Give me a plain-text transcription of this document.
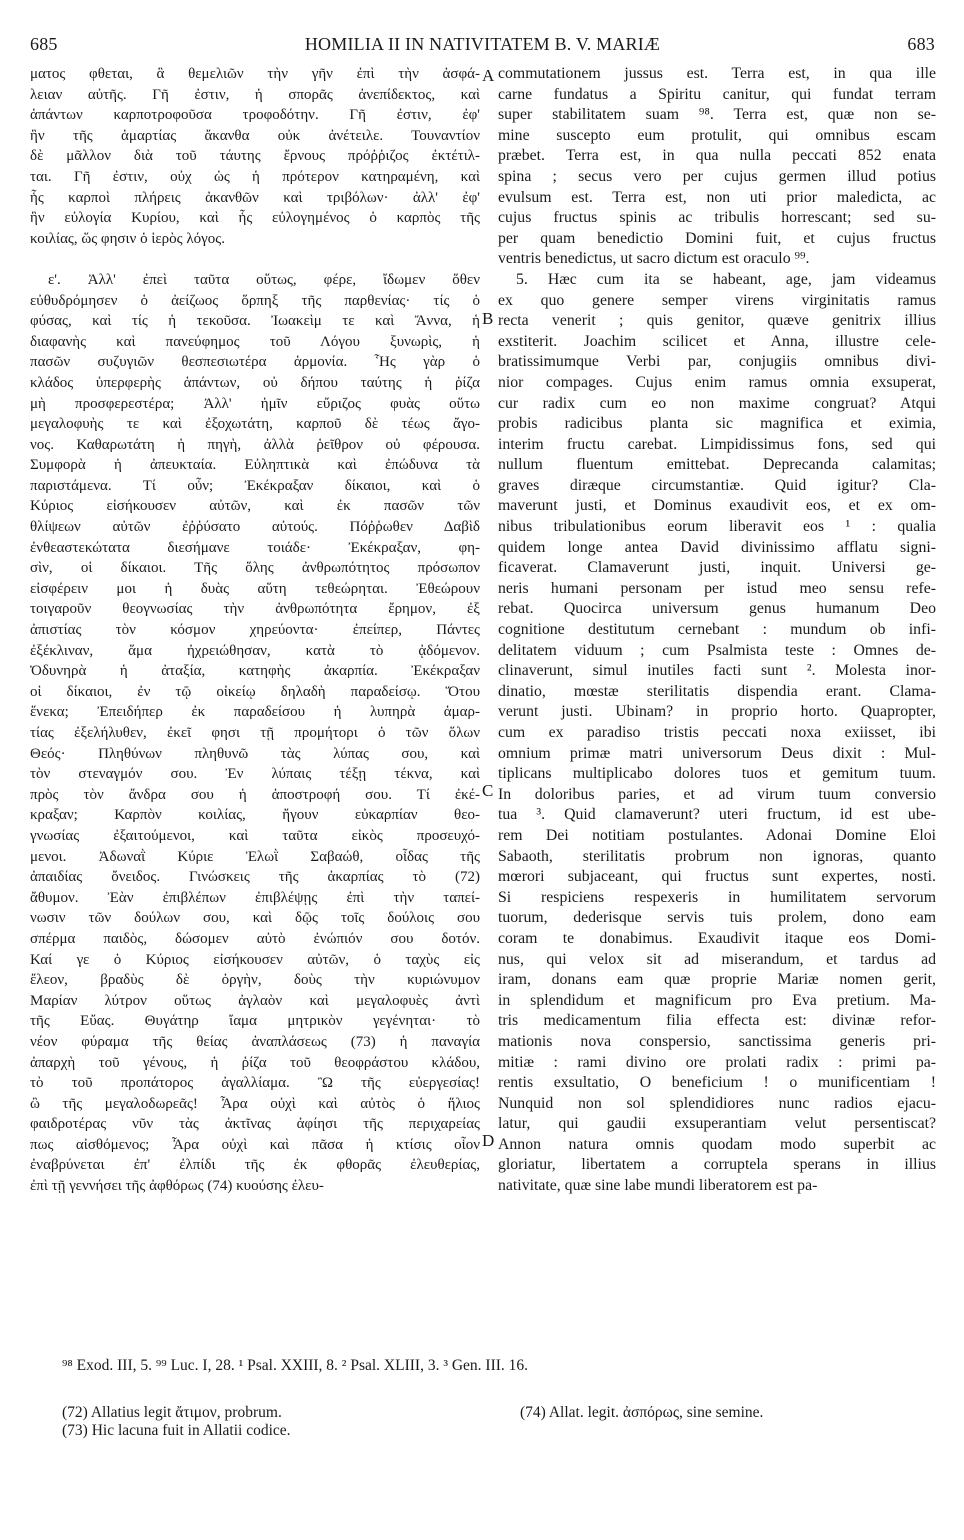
685	HOMILIA II IN NATIVITATEM B. V. MARIÆ	683
ματος φθεται, ἃ θεμελιῶν τὴν γῆν ἐπὶ τὴν ἀσφά-
λειαν αὐτῆς. Γῆ ἐστιν, ἡ σπορᾶς ἀνεπίδεκτος, καὶ
ἁπάντων καρποτροφοῦσα τροφοδότην. Γῆ ἐστιν, ἐφ'
ἣν τῆς ἁμαρτίας ἄκανθα οὐκ ἀνέτειλε. Τουναντίον
δὲ μᾶλλον διὰ τοῦ τάυτης ἔρνους πρόῤῥιζος ἐκτέτιλ-
ται. Γῆ ἐστιν, οὐχ ὡς ἡ πρότερον κατηραμένη, καὶ
ἧς καρποὶ πλήρεις ἀκανθῶν καὶ τριβόλων· ἀλλ' ἐφ'
ἣν εὐλογία Κυρίου, καὶ ἧς εὐλογημένος ὁ καρπὸς τῆς
κοιλίας, ὥς φησιν ὁ ἱερὸς λόγος.
ε'. Ἀλλ' ἐπεὶ ταῦτα οὕτως, φέρε, ἴδωμεν ὅθεν
εὐθυδρόμησεν ὁ ἀείζωος ὅρπηξ τῆς παρθενίας· τίς ὁ
φύσας, καὶ τίς ἡ τεκοῦσα. Ἰωακεὶμ τε καὶ Ἄννα, ἡ
διαφανὴς καὶ πανεύφημος τοῦ Λόγου ξυνωρὶς, ἡ
πασῶν συζυγιῶν θεσπεσιωτέρα ἁρμονία. Ἧς γὰρ ὁ
κλάδος ὑπερφερὴς ἁπάντων, οὐ δήπου ταύτης ἡ ῥίζα
μὴ προσφερεστέρα; Ἀλλ' ἡμῖν εὔριζος φυὰς οὕτω
μεγαλοφυὴς τε καὶ ἐξοχωτάτη, καρποῦ δὲ τέως ἄγο-
νος. Καθαρωτάτη ἡ πηγὴ, ἀλλὰ ῥεῖθρον οὐ φέρουσα.
Συμφορὰ ἡ ἀπευκταία. Εὐληπτικὰ καὶ ἐπώδυνα τὰ
παριστάμενα. Τί οὖν; Ἐκέκραξαν δίκαιοι, καὶ ὁ
Κύριος εἰσήκουσεν αὐτῶν, καὶ ἐκ πασῶν τῶν
θλίψεων αὐτῶν ἐῤῥύσατο αὐτούς. Πόῤῥωθεν Δαβὶδ
ἐνθεαστεκώτατα διεσήμανε τοιάδε· Ἐκέκραξαν, φη-
σὶν, οἱ δίκαιοι. Τῆς ὅλης ἀνθρωπότητος πρόσωπον
εἰσφέρειν μοι ἡ δυὰς αὕτη τεθεώρηται. Ἐθεώρουν
τοιγαροῦν θεογνωσίας τὴν ἀνθρωπότητα ἔρημον, ἐξ
ἀπιστίας τὸν κόσμον χηρεύοντα· ἐπείπερ, Πάντες
ἐξέκλιναν, ἅμα ἠχρειώθησαν, κατὰ τὸ ᾀδόμενον.
Ὀδυνηρὰ ἡ ἀταξία, κατηφὴς ἀκαρπία. Ἐκέκραξαν
οἱ δίκαιοι, ἐν τῷ οἰκείῳ δηλαδὴ παραδείσῳ. Ὅτου
ἕνεκα; Ἐπειδήπερ ἐκ παραδείσου ἡ λυπηρὰ ἁμαρ-
τίας ἐξελήλυθεν, ἐκεῖ φησι τῇ προμήτορι ὁ τῶν ὅλων
Θεός· Πληθύνων πληθυνῶ τὰς λύπας σου, καὶ
τὸν στεναγμόν σου. Ἐν λύπαις τέξῃ τέκνα, καὶ
πρὸς τὸν ἄνδρα σου ἡ ἀποστροφή σου. Τί ἐκέ-
κραξαν; Καρπὸν κοιλίας, ἤγουν εὐκαρπίαν θεο-
γνωσίας ἐξαιτούμενοι, καὶ ταῦτα εἰκὸς προσευχό-
μενοι. Ἀδωναῒ Κύριε Ἐλωῒ Σαβαώθ, οἶδας τῆς
ἀπαιδίας ὄνειδος. Γινώσκεις τῆς ἀκαρπίας τὸ (72)
ἄθυμον. Ἐὰν ἐπιβλέπων ἐπιβλέψῃς ἐπὶ τὴν ταπεί-
νωσιν τῶν δούλων σου, καὶ δῷς τοῖς δούλοις σου
σπέρμα παιδὸς, δώσομεν αὐτὸ ἐνώπιόν σου δοτόν.
Καί γε ὁ Κύριος εἰσήκουσεν αὐτῶν, ὁ ταχὺς εἰς
ἔλεον, βραδὺς δὲ ὀργὴν, δοὺς τὴν κυριώνυμον
Μαρίαν λύτρον οὕτως ἀγλαὸν καὶ μεγαλοφυὲς ἀντὶ
τῆς Εὔας. Θυγάτηρ ἴαμα μητρικὸν γεγένηται· τὸ
νέον φύραμα τῆς θείας ἀναπλάσεως (73) ἡ παναγία
ἀπαρχὴ τοῦ γένους, ἡ ῥίζα τοῦ θεοφράστου κλάδου,
τὸ τοῦ προπάτορος ἀγαλλίαμα. Ὢ τῆς εὐεργεσίας!
ὢ τῆς μεγαλοδωρεᾶς! Ἆρα οὐχὶ καὶ αὐτὸς ὁ ἥλιος
φαιδροτέρας νῦν τὰς ἀκτῖνας ἀφίησι τῆς περιχαρείας
πως αἰσθόμενος; Ἆρα οὐχὶ καὶ πᾶσα ἡ κτίσις οἷον
ἐναβρύνεται ἐπ' ἐλπίδι τῆς ἐκ φθορᾶς ἐλευθερίας,
ἐπὶ τῇ γεννήσει τῆς ἀφθόρως (74) κυούσης ἐλευ-
commutationem jussus est. Terra est, in qua ille
carne fundatus a Spiritu canitur, qui fundat terram
super stabilitatem suam ⁹⁸. Terra est, quæ non se-
mine suscepto eum protulit, qui omnibus escam
præbet. Terra est, in qua nulla peccati 852 enata
spina ; secus vero per cujus germen illud potius
evulsum est. Terra est, non uti prior maledicta, ac
cujus fructus spinis ac tribulis horrescant; sed su-
per quam benedictio Domini fuit, et cujus fructus
ventris benedictus, ut sacro dictum est oraculo ⁹⁹.
5. Hæc cum ita se habeant, age, jam videamus
ex quo genere semper virens virginitatis ramus
recta venerit ; quis genitor, quæve genitrix illius
exstiterit. Joachim scilicet et Anna, illustre cele-
bratissimumque Verbi par, conjugiis omnibus divi-
nior compages. Cujus enim ramus omnia exsuperat,
cur radix cum eo non maxime congruat? Atqui
probis radicibus planta sic magnifica et eximia,
interim fructu carebat. Limpidissimus fons, sed qui
nullum fluentum emittebat. Deprecanda calamitas;
graves diræque circumstantiæ. Quid igitur? Cla-
maverunt justi, et Dominus exaudivit eos, et ex om-
nibus tribulationibus eorum liberavit eos ¹ : qualia
quidem longe antea David divinissimo afflatu signi-
ficaverat. Clamaverunt justi, inquit. Universi ge-
neris humani personam per istud meo sensu refe-
rebat. Quocirca universum genus humanum Deo
cognitione destitutum cernebant : mundum ob infi-
delitatem viduum ; cum Psalmista teste : Omnes de-
clinaverunt, simul inutiles facti sunt ². Molesta inor-
dinatio, mœstæ sterilitatis dispendia erant. Clama-
verunt justi. Ubinam? in proprio horto. Quapropter,
cum ex paradiso tristis peccati noxa exiisset, ibi
omnium primæ matri universorum Deus dixit : Mul-
tiplicans multiplicabo dolores tuos et gemitum tuum.
In doloribus paries, et ad virum tuum conversio
tua ³. Quid clamaverunt? uteri fructum, id est ube-
rem Dei notitiam postulantes. Adonai Domine Eloi
Sabaoth, sterilitatis probrum non ignoras, quanto
mœrori subjaceant, qui fructus sunt expertes, nosti.
Si respiciens respexeris in humilitatem servorum
tuorum, dederisque servis tuis prolem, dono eam
coram te donabimus. Exaudivit itaque eos Domi-
nus, qui velox sit ad miserandum, et tardus ad
iram, donans eam quæ proprie Mariæ nomen gerit,
in splendidum et magnificum pro Eva pretium. Ma-
tris medicamentum filia effecta est: divinæ refor-
mationis nova conspersio, sanctissima generis pri-
mitiæ : rami divino ore prolati radix : primi pa-
rentis exsultatio, O beneficium ! o munificentiam !
Nunquid non sol splendidiores nunc radios ejacu-
latur, qui gaudii exsuperantiam velut persentiscat?
Annon natura omnis quodam modo superbit ac
gloriatur, libertatem a corruptela sperans in illius
nativitate, quæ sine labe mundi liberatorem est pa-
A
B
C
D
⁹⁸ Exod. III, 5. ⁹⁹ Luc. I, 28. ¹ Psal. XXIII, 8. ² Psal. XLIII, 3. ³ Gen. III. 16.
(72) Allatius legit ἄτιμον, probrum.
(73) Hic lacuna fuit in Allatii codice.
(74) Allat. legit. ἀσπόρως, sine semine.
